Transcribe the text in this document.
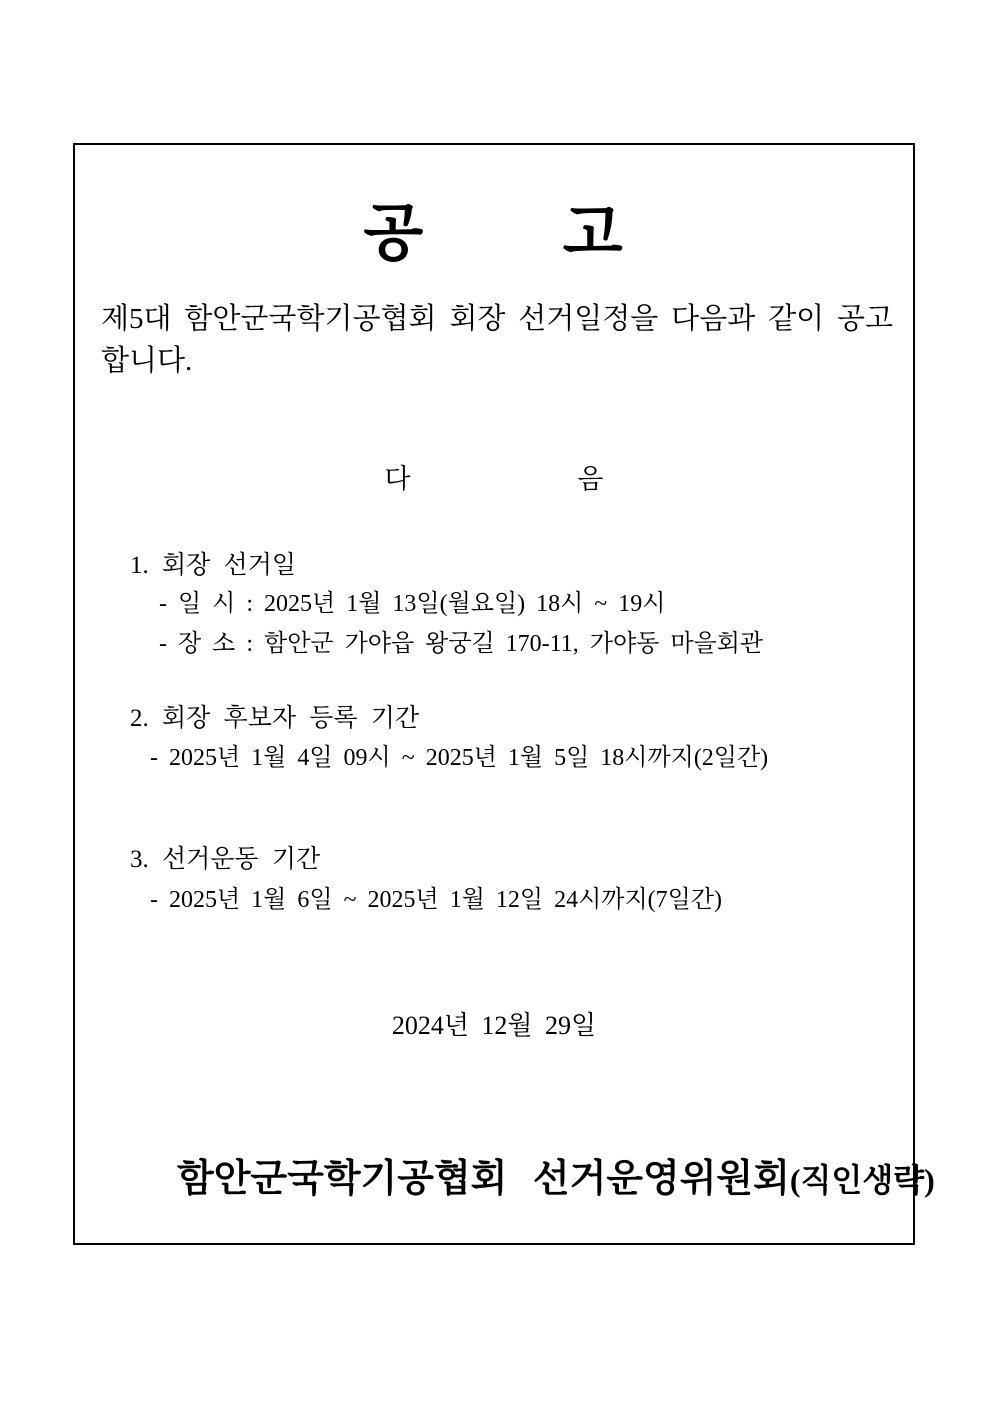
공 고
제5대 함안군국학기공협회 회장 선거일정을 다음과 같이 공고
합니다.
다 음
1. 회장 선거일
- 일 시 : 2025년 1월 13일(월요일) 18시 ~ 19시
- 장 소 : 함안군 가야읍 왕궁길 170-11, 가야동 마을회관
2. 회장 후보자 등록 기간
- 2025년 1월 4일 09시 ~ 2025년 1월 5일 18시까지(2일간)
3. 선거운동 기간
- 2025년 1월 6일 ~ 2025년 1월 12일 24시까지(7일간)
2024년 12월 29일

함안군국학기공협회 선거운영위원회(직인생략)
